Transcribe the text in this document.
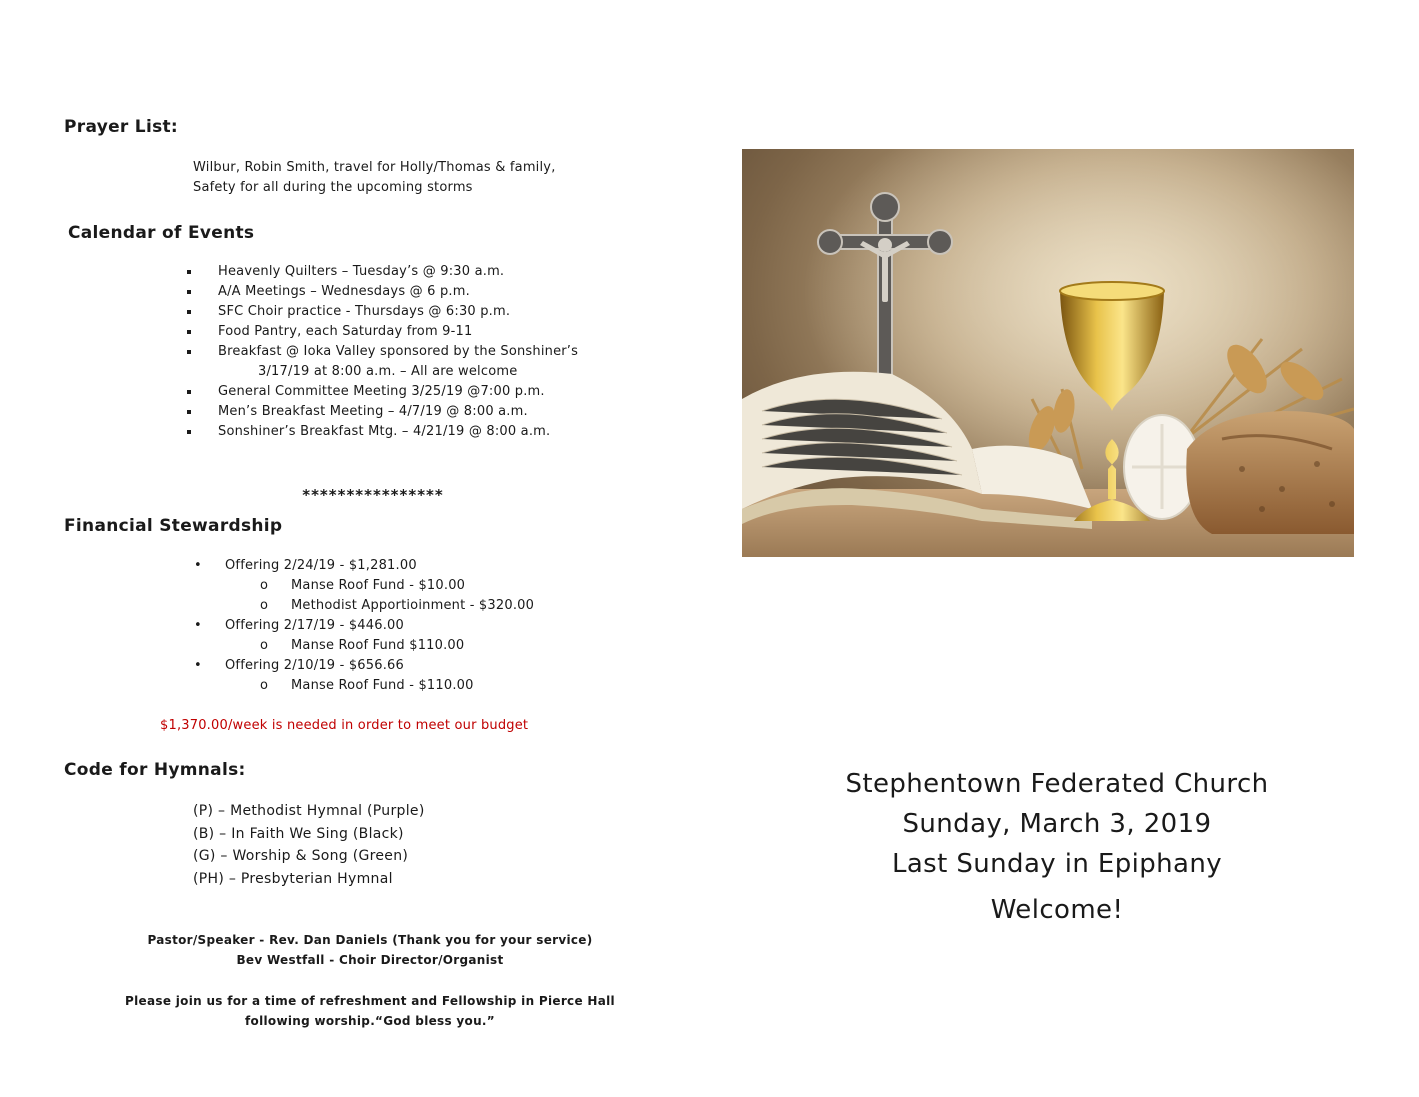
Prayer List:
Wilbur, Robin Smith, travel for Holly/Thomas & family,
Safety for all during the upcoming storms
Calendar of Events
Heavenly Quilters – Tuesday’s @ 9:30 a.m.
A/A Meetings – Wednesdays @ 6 p.m.
SFC Choir practice - Thursdays @ 6:30 p.m.
Food Pantry, each Saturday from 9-11
Breakfast @ Ioka Valley sponsored by the Sonshiner’s
3/17/19 at 8:00 a.m. – All are welcome
General Committee Meeting 3/25/19 @7:00 p.m.
Men’s Breakfast Meeting – 4/7/19 @ 8:00 a.m.
Sonshiner’s Breakfast Mtg. – 4/21/19 @ 8:00 a.m.
****************
Financial Stewardship
• Offering 2/24/19 - $1,281.00
o Manse Roof Fund - $10.00
o Methodist Apportioinment - $320.00
• Offering 2/17/19 - $446.00
o Manse Roof Fund $110.00
• Offering 2/10/19 - $656.66
o Manse Roof Fund - $110.00
$1,370.00/week is needed in order to meet our budget
Code for Hymnals:
(P) – Methodist Hymnal (Purple)
(B) – In Faith We Sing (Black)
(G) – Worship & Song (Green)
(PH) – Presbyterian Hymnal
Pastor/Speaker - Rev. Dan Daniels (Thank you for your service)
Bev Westfall - Choir Director/Organist
Please join us for a time of refreshment and Fellowship in Pierce Hall
following worship.“God bless you.”
Stephentown Federated Church
Sunday, March 3, 2019
Last Sunday in Epiphany
Welcome!
